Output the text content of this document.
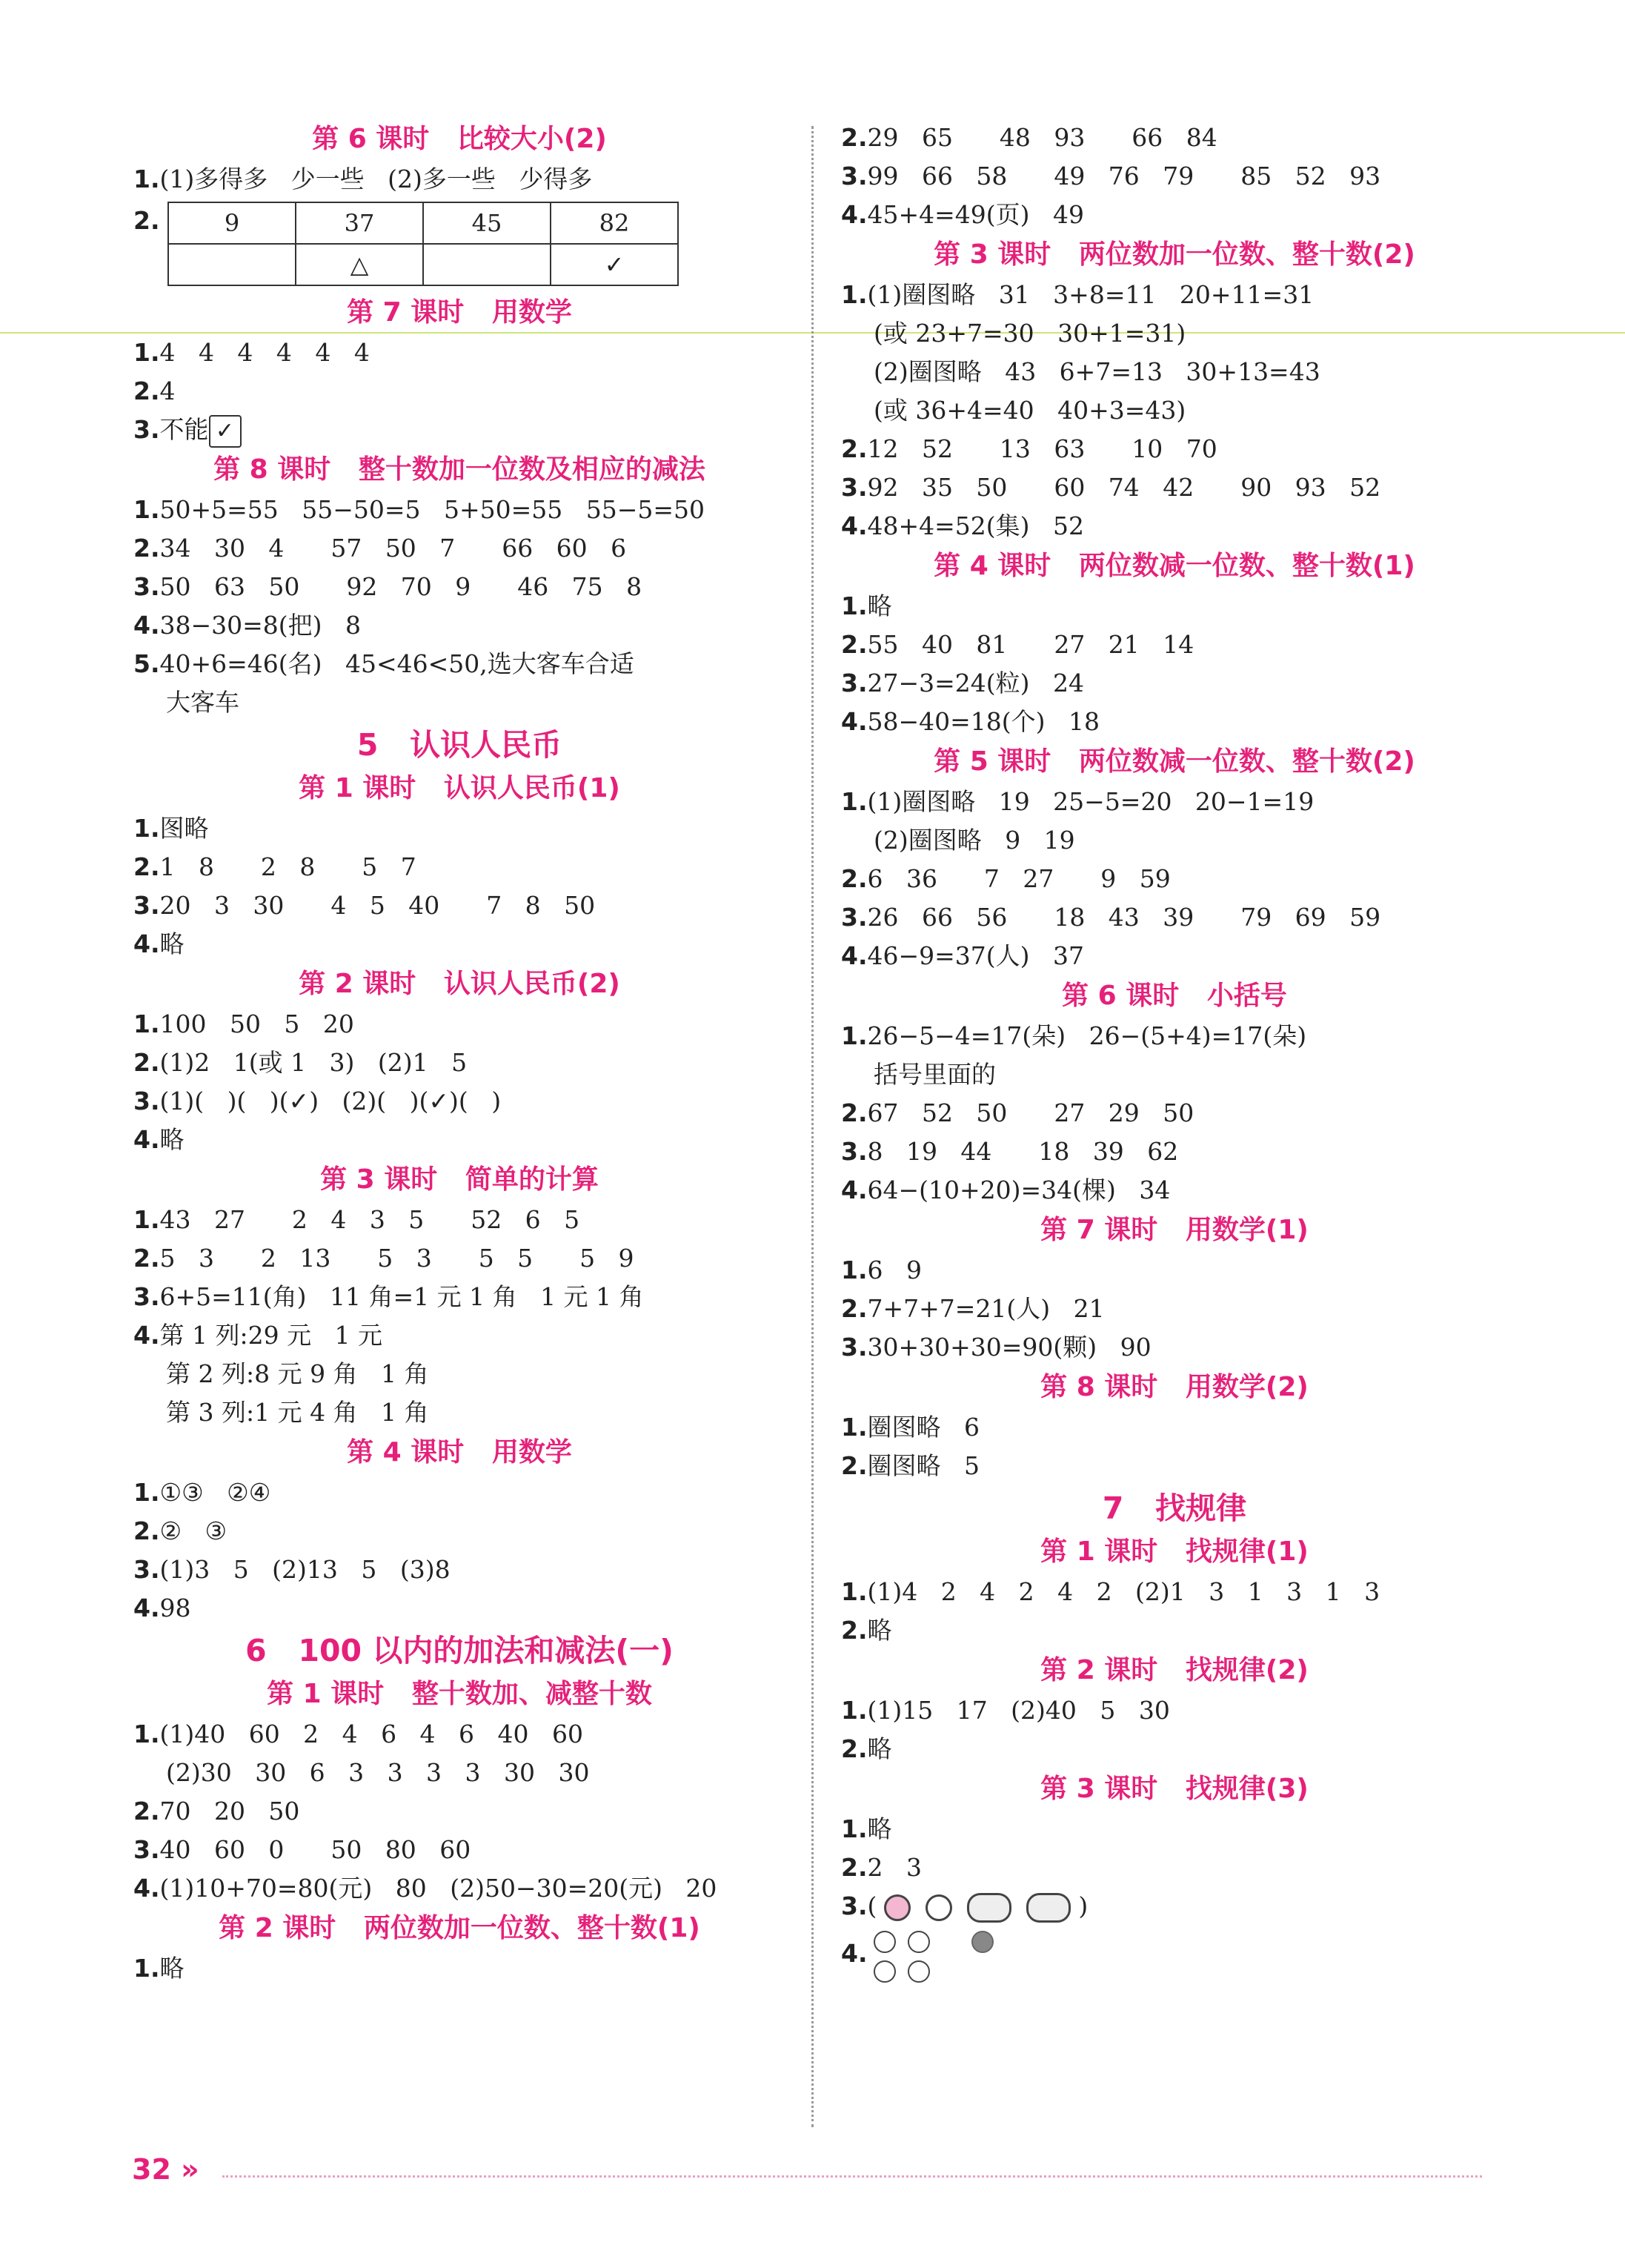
第 6 课时   比较大小(2)
1.(1)多得多   少一些   (2)多一些   少得多
2.	9	37	45	82
	△		✓
第 7 课时   用数学
1.4   4   4   4   4   4
2.4
3.不能 ✓
第 8 课时   整十数加一位数及相应的减法
1.50+5=55   55−50=5   5+50=55   55−5=50
2.34   30   4      57   50   7      66   60   6
3.50   63   50      92   70   9      46   75   8
4.38−30=8(把)   8
5.40+6=46(名)   45<46<50,选大客车合适
大客车
5   认识人民币
第 1 课时   认识人民币(1)
1.图略
2.1   8      2   8      5   7
3.20   3   30      4   5   40      7   8   50
4.略
第 2 课时   认识人民币(2)
1.100   50   5   20
2.(1)2   1(或 1   3)   (2)1   5
3.(1)(   )(   )(✓)   (2)(   )(✓)(   )
4.略
第 3 课时   简单的计算
1.43   27      2   4   3   5      52   6   5
2.5   3      2   13      5   3      5   5      5   9
3.6+5=11(角)   11 角=1 元 1 角   1 元 1 角
4.第 1 列:29 元   1 元
第 2 列:8 元 9 角   1 角
第 3 列:1 元 4 角   1 角
第 4 课时   用数学
1.①③   ②④
2.②   ③
3.(1)3   5   (2)13   5   (3)8
4.98
6   100 以内的加法和减法(一)
第 1 课时   整十数加、减整十数
1.(1)40   60   2   4   6   4   6   40   60
(2)30   30   6   3   3   3   3   30   30
2.70   20   50
3.40   60   0      50   80   60
4.(1)10+70=80(元)   80   (2)50−30=20(元)   20
第 2 课时   两位数加一位数、整十数(1)
1.略
2.29   65      48   93      66   84
3.99   66   58      49   76   79      85   52   93
4.45+4=49(页)   49
第 3 课时   两位数加一位数、整十数(2)
1.(1)圈图略   31   3+8=11   20+11=31
(或 23+7=30   30+1=31)
(2)圈图略   43   6+7=13   30+13=43
(或 36+4=40   40+3=43)
2.12   52      13   63      10   70
3.92   35   50      60   74   42      90   93   52
4.48+4=52(集)   52
第 4 课时   两位数减一位数、整十数(1)
1.略
2.55   40   81      27   21   14
3.27−3=24(粒)   24
4.58−40=18(个)   18
第 5 课时   两位数减一位数、整十数(2)
1.(1)圈图略   19   25−5=20   20−1=19
(2)圈图略   9   19
2.6   36      7   27      9   59
3.26   66   56      18   43   39      79   69   59
4.46−9=37(人)   37
第 6 课时   小括号
1.26−5−4=17(朵)   26−(5+4)=17(朵)
括号里面的
2.67   52   50      27   29   50
3.8   19   44      18   39   62
4.64−(10+20)=34(棵)   34
第 7 课时   用数学(1)
1.6   9
2.7+7+7=21(人)   21
3.30+30+30=90(颗)   90
第 8 课时   用数学(2)
1.圈图略   6
2.圈图略   5
7   找规律
第 1 课时   找规律(1)
1.(1)4   2   4   2   4   2   (2)1   3   1   3   1   3
2.略
第 2 课时   找规律(2)
1.(1)15   17   (2)40   5   30
2.略
第 3 课时   找规律(3)
1.略
2.2   3
3.(	)
4.
32 »
